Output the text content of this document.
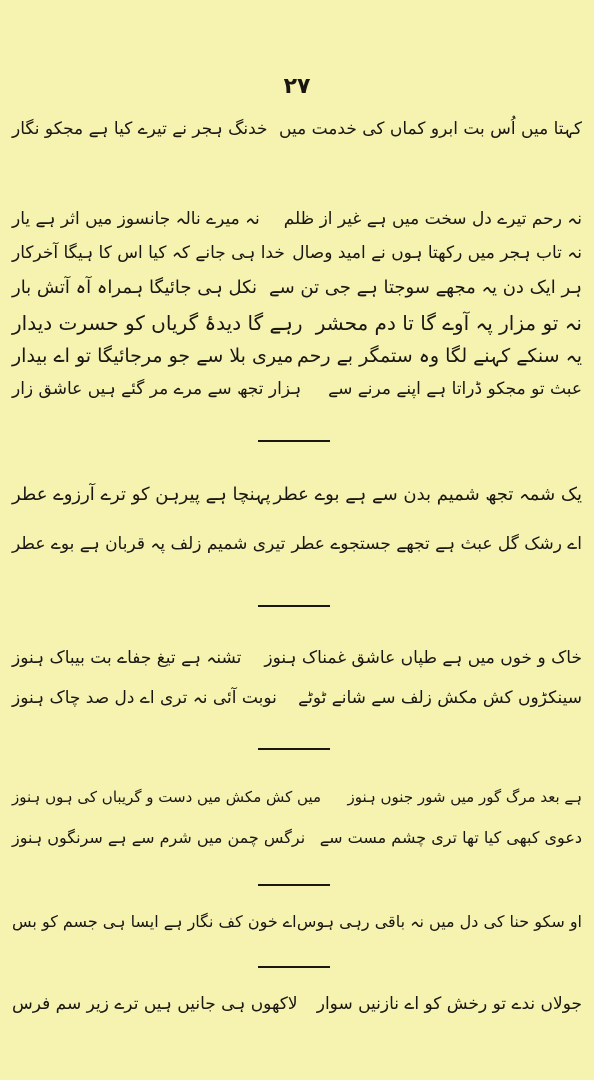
۲۷
کہتا میں اُس بت ابرو کماں کی خدمت میں
خدنگ ہجر نے تیرے کیا ہے مجکو نگار
نہ رحم تیرے دل سخت میں ہے غیر از ظلم
نہ میرے نالہ جانسوز میں اثر ہے یار
نہ تاب ہجر میں رکھتا ہوں نے امید وصال
خدا ہی جانے کہ کیا اس کا ہیگا آخرکار
ہر ایک دن یہ مجھے سوجتا ہے جی تن سے
نکل ہی جائیگا ہمراہ آہ آتش بار
نہ تو مزار پہ آوے گا تا دم محشر
رہے گا دیدۂ گریاں کو حسرت دیدار
یہ سنکے کہنے لگا وہ ستمگر بے رحم
میری بلا سے جو مرجائیگا تو اے بیدار
عبث تو مجکو ڈراتا ہے اپنے مرنے سے
ہزار تجھ سے مرے مر گئے ہیں عاشق زار
یک شمہ تجھ شمیم بدن سے ہے بوے عطر
پہنچا ہے پیرہن کو ترے آرزوے عطر
اے رشک گل عبث ہے تجھے جستجوے عطر
تیری شمیم زلف پہ قربان ہے بوے عطر
خاک و خوں میں ہے طپاں عاشق غمناک ہنوز
تشنہ ہے تیغ جفاے بت بیباک ہنوز
سینکڑوں کش مکش زلف سے شانے ٹوٹے
نوبت آئی نہ تری اے دل صد چاک ہنوز
ہے بعد مرگ گور میں شور جنوں ہنوز
میں کش مکش میں دست و گریباں کی ہوں ہنوز
دعوی کبھی کیا تھا تری چشم مست سے
نرگس چمن میں شرم سے ہے سرنگوں ہنوز
او سکو حنا کی دل میں نہ باقی رہی ہوس
اے خون کف نگار ہے ایسا ہی جسم کو بس
جولاں ندے تو رخش کو اے نازنیں سوار
لاکھوں ہی جانیں ہیں ترے زیر سم فرس
